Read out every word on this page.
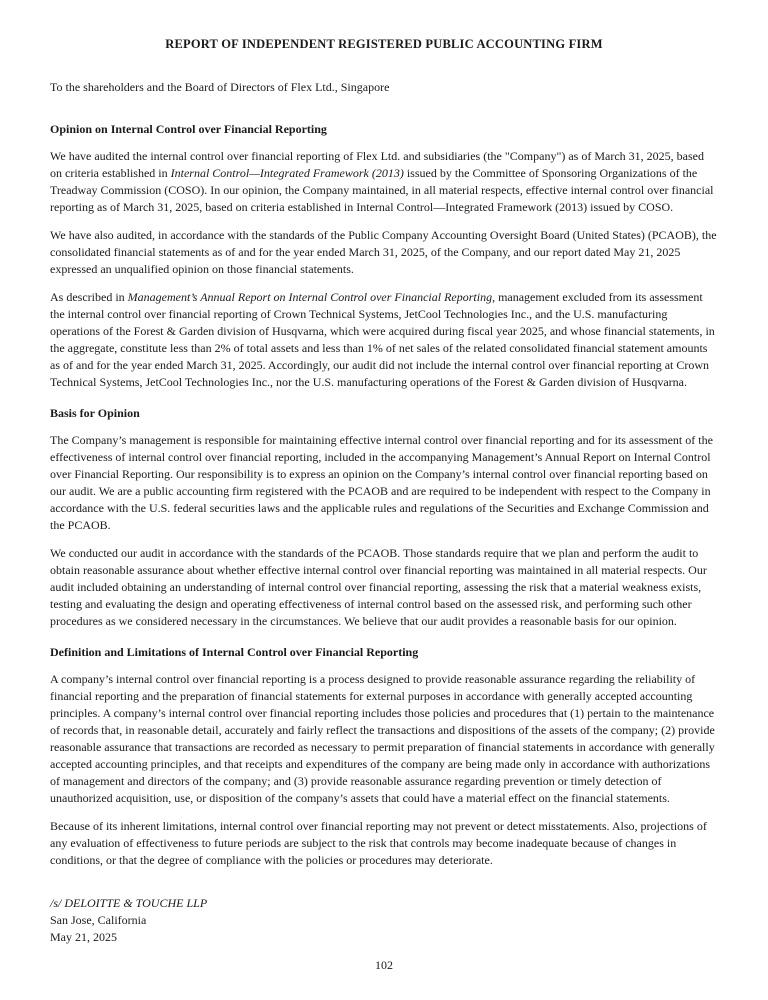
REPORT OF INDEPENDENT REGISTERED PUBLIC ACCOUNTING FIRM

To the shareholders and the Board of Directors of Flex Ltd., Singapore

Opinion on Internal Control over Financial Reporting

We have audited the internal control over financial reporting of Flex Ltd. and subsidiaries (the "Company") as of March 31, 2025, based on criteria established in Internal Control—Integrated Framework (2013) issued by the Committee of Sponsoring Organizations of the Treadway Commission (COSO). In our opinion, the Company maintained, in all material respects, effective internal control over financial reporting as of March 31, 2025, based on criteria established in Internal Control—Integrated Framework (2013) issued by COSO.

We have also audited, in accordance with the standards of the Public Company Accounting Oversight Board (United States) (PCAOB), the consolidated financial statements as of and for the year ended March 31, 2025, of the Company, and our report dated May 21, 2025 expressed an unqualified opinion on those financial statements.

As described in Management’s Annual Report on Internal Control over Financial Reporting, management excluded from its assessment the internal control over financial reporting of Crown Technical Systems, JetCool Technologies Inc., and the U.S. manufacturing operations of the Forest & Garden division of Husqvarna, which were acquired during fiscal year 2025, and whose financial statements, in the aggregate, constitute less than 2% of total assets and less than 1% of net sales of the related consolidated financial statement amounts as of and for the year ended March 31, 2025. Accordingly, our audit did not include the internal control over financial reporting at Crown Technical Systems, JetCool Technologies Inc., nor the U.S. manufacturing operations of the Forest & Garden division of Husqvarna.

Basis for Opinion

The Company’s management is responsible for maintaining effective internal control over financial reporting and for its assessment of the effectiveness of internal control over financial reporting, included in the accompanying Management’s Annual Report on Internal Control over Financial Reporting. Our responsibility is to express an opinion on the Company’s internal control over financial reporting based on our audit. We are a public accounting firm registered with the PCAOB and are required to be independent with respect to the Company in accordance with the U.S. federal securities laws and the applicable rules and regulations of the Securities and Exchange Commission and the PCAOB.

We conducted our audit in accordance with the standards of the PCAOB. Those standards require that we plan and perform the audit to obtain reasonable assurance about whether effective internal control over financial reporting was maintained in all material respects. Our audit included obtaining an understanding of internal control over financial reporting, assessing the risk that a material weakness exists, testing and evaluating the design and operating effectiveness of internal control based on the assessed risk, and performing such other procedures as we considered necessary in the circumstances. We believe that our audit provides a reasonable basis for our opinion.

Definition and Limitations of Internal Control over Financial Reporting

A company’s internal control over financial reporting is a process designed to provide reasonable assurance regarding the reliability of financial reporting and the preparation of financial statements for external purposes in accordance with generally accepted accounting principles. A company’s internal control over financial reporting includes those policies and procedures that (1) pertain to the maintenance of records that, in reasonable detail, accurately and fairly reflect the transactions and dispositions of the assets of the company; (2) provide reasonable assurance that transactions are recorded as necessary to permit preparation of financial statements in accordance with generally accepted accounting principles, and that receipts and expenditures of the company are being made only in accordance with authorizations of management and directors of the company; and (3) provide reasonable assurance regarding prevention or timely detection of unauthorized acquisition, use, or disposition of the company’s assets that could have a material effect on the financial statements.

Because of its inherent limitations, internal control over financial reporting may not prevent or detect misstatements. Also, projections of any evaluation of effectiveness to future periods are subject to the risk that controls may become inadequate because of changes in conditions, or that the degree of compliance with the policies or procedures may deteriorate.

/s/ DELOITTE & TOUCHE LLP

San Jose, California

May 21, 2025

102
